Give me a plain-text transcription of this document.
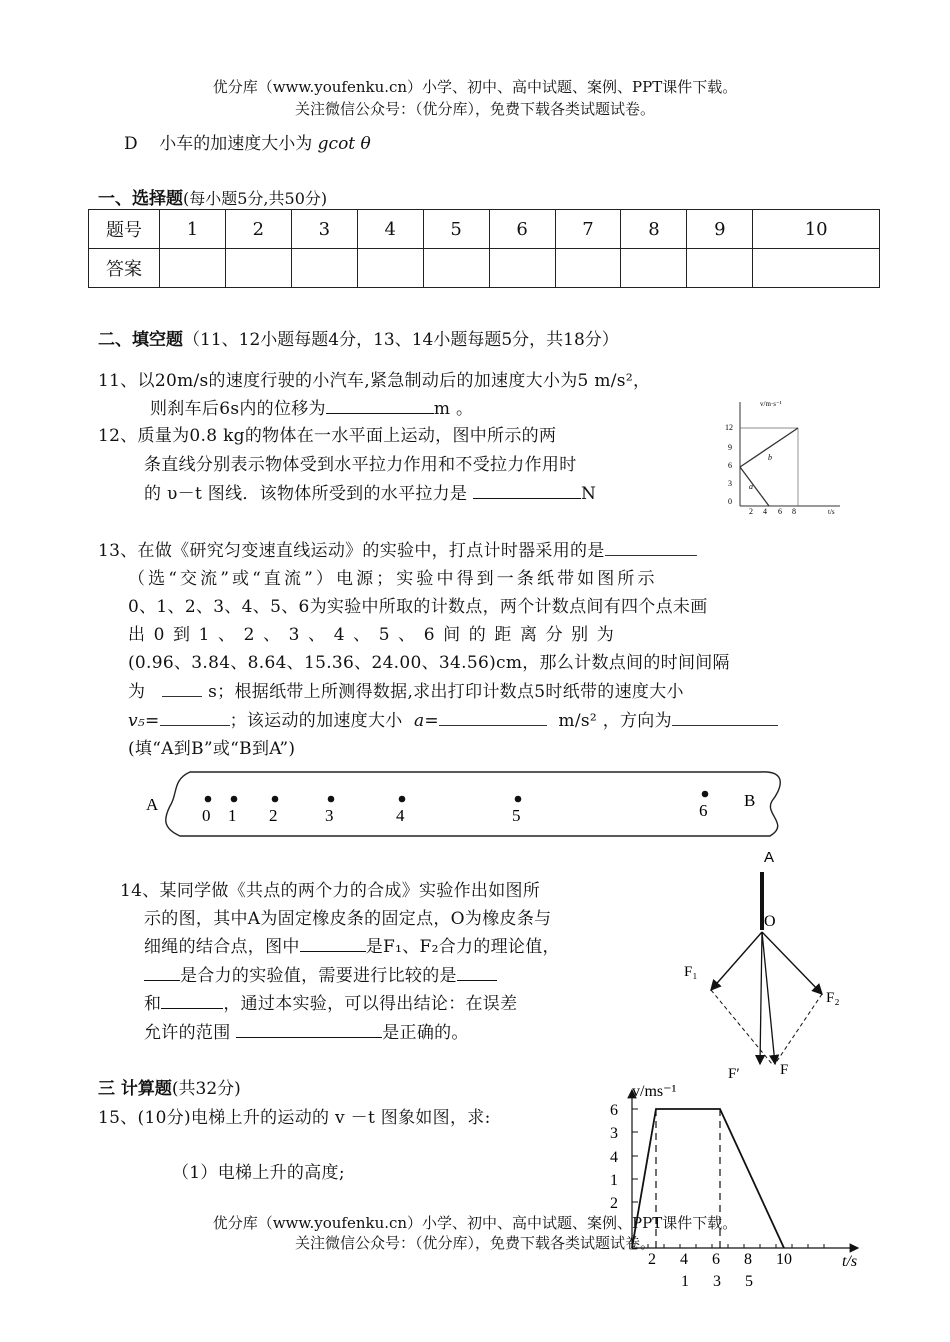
优分库（www.youfenku.cn）小学、初中、高中试题、案例、PPT课件下载。
关注微信公众号：（优分库），免费下载各类试题试卷。
D 小车的加速度大小为 gcot θ
一、选择题(每小题5分,共50分)
题号	1	2	3	4	5	6	7	8	9	10
答案										
二、填空题（11、12小题每题4分，13、14小题每题5分，共18分）
11、以20m/s的速度行驶的小汽车,紧急制动后的加速度大小为5 m/s²，
则刹车后6s内的位移为	m 。
12、质量为0.8 kg的物体在一水平面上运动，图中所示的两
条直线分别表示物体受到水平拉力作用和不受拉力作用时
的 υ－t 图线．该物体所受到的水平拉力是	N
v/m·s⁻¹
t/s
12
9
6
3
0
2 4 6 8
b
a
13、在做《研究匀变速直线运动》的实验中，打点计时器采用的是
（选“交流”或“直流”）电源；实验中得到一条纸带如图所示
0、1、2、3、4、5、6为实验中所取的计数点，两个计数点间有四个点未画
出 0 到 1 、 2 、 3 、 4 、 5 、 6 间 的 距 离 分 别 为
(0.96、3.84、8.64、15.36、24.00、34.56)cm，那么计数点间的时间间隔
为	s；根据纸带上所测得数据,求出打印计数点5时纸带的速度大小
v₅=	；该运动的加速度大小 a=	m/s² ，方向为
(填“A到B”或“B到A”)
A	B
0 1 2	3	4	5	6
14、某同学做《共点的两个力的合成》实验作出如图所
示的图，其中A为固定橡皮条的固定点，O为橡皮条与
细绳的结合点，图中	是F₁、F₂合力的理论值，
是合力的实验值，需要进行比较的是
和	，通过本实验，可以得出结论：在误差
允许的范围	是正确的。
A
O
F₁
F₂
F′	F
三 计算题(共32分)
15、(10分)电梯上升的运动的 v －t 图象如图，求:
（1）电梯上升的高度;
v/ms⁻¹
t/s
6
3
4
1
2
2 4 6 8 10
1 3 5
优分库（www.youfenku.cn）小学、初中、高中试题、案例、PPT课件下载。
关注微信公众号：（优分库），免费下载各类试题试卷。
